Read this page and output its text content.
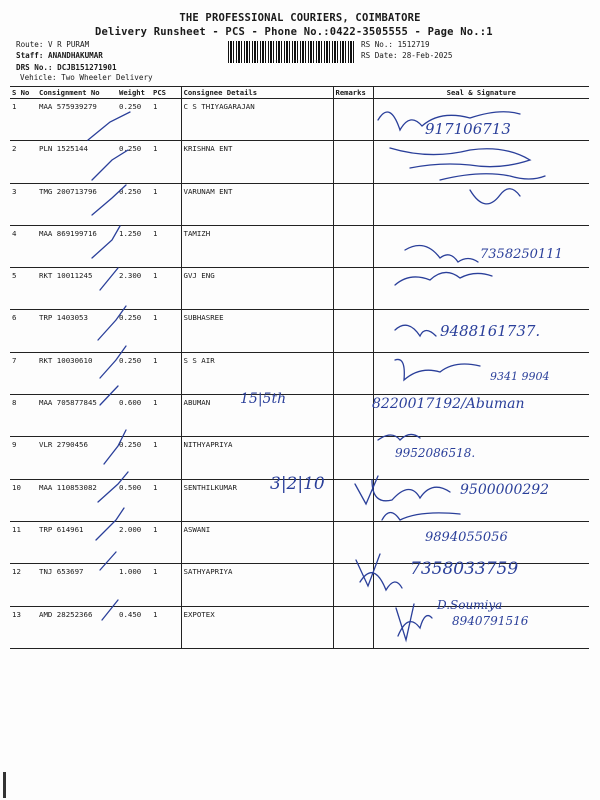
THE PROFESSIONAL COURIERS, COIMBATORE
Delivery Runsheet - PCS - Phone No.:0422-3505555 - Page No.:1
Route: V R PURAM
Staff: ANANDHAKUMAR
DRS No.: DCJB151271901
Vehicle: Two Wheeler Delivery
RS No.: 1512719
RS Date: 28-Feb-2025
S No	Consignment No	Weight	PCS	Consignee Details	Remarks	Seal & Signature
1	MAA 575939279	0.250	1	C S THIYAGARAJAN		
2	PLN 1525144	0.250	1	KRISHNA ENT		
3	TMG 200713796	0.250	1	VARUNAM ENT		
4	MAA 869199716	1.250	1	TAMIZH		
5	RKT 10011245	2.300	1	GVJ ENG		
6	TRP 1403053	0.250	1	SUBHASREE		
7	RKT 10030610	0.250	1	S S AIR		
8	MAA 705877845	0.600	1	ABUMAN		
9	VLR 2790456	0.250	1	NITHYAPRIYA		
10	MAA 110853082	0.500	1	SENTHILKUMAR		
11	TRP 614961	2.000	1	ASWANI		
12	TNJ 653697	1.000	1	SATHYAPRIYA		
13	AMD 28252366	0.450	1	EXPOTEX		
917106713
7358250111
9488161737.
9341 9904
15|5th	8220017192/Abuman
9952086518.
3|2|10	9500000292
9894055056
7358033759
D.Soumiya
8940791516
